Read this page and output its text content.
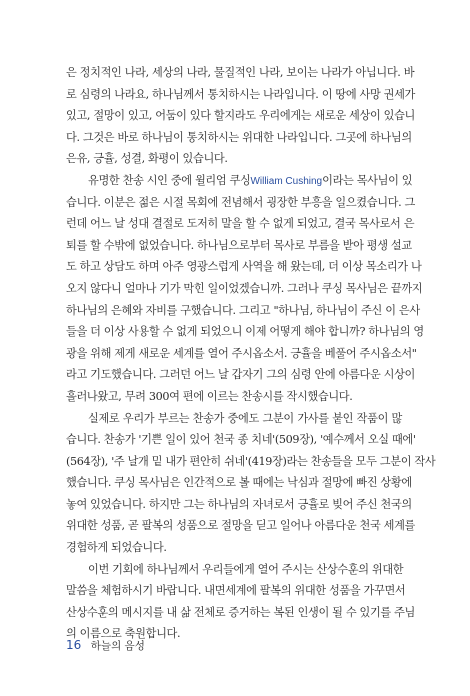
은 정치적인 나라, 세상의 나라, 물질적인 나라, 보이는 나라가 아닙니다. 바
로 심령의 나라요, 하나님께서 통치하시는 나라입니다. 이 땅에 사망 권세가
있고, 절망이 있고, 어둠이 있다 할지라도 우리에게는 새로운 세상이 있습니
다. 그것은 바로 하나님이 통치하시는 위대한 나라입니다. 그곳에 하나님의
은유, 긍휼, 성결, 화평이 있습니다.
유명한 찬송 시인 중에 윌리엄 쿠싱William Cushing이라는 목사님이 있
습니다. 이분은 젊은 시절 목회에 전념해서 굉장한 부흥을 일으켰습니다. 그
런데 어느 날 성대 결절로 도저히 말을 할 수 없게 되었고, 결국 목사로서 은
퇴를 할 수밖에 없었습니다. 하나님으로부터 목사로 부름을 받아 평생 설교
도 하고 상담도 하며 아주 영광스럽게 사역을 해 왔는데, 더 이상 목소리가 나
오지 않다니 얼마나 기가 막힌 일이었겠습니까. 그러나 쿠싱 목사님은 끝까지
하나님의 은혜와 자비를 구했습니다. 그리고 "하나님, 하나님이 주신 이 은사
들을 더 이상 사용할 수 없게 되었으니 이제 어떻게 해야 합니까? 하나님의 영
광을 위해 제게 새로운 세계를 열어 주시옵소서. 긍휼을 베풀어 주시옵소서"
라고 기도했습니다. 그러던 어느 날 갑자기 그의 심령 안에 아름다운 시상이
흘러나왔고, 무려 300여 편에 이르는 찬송시를 작시했습니다.
실제로 우리가 부르는 찬송가 중에도 그분이 가사를 붙인 작품이 많
습니다. 찬송가 '기쁜 일이 있어 천국 종 치네'(509장), '예수께서 오실 때에'
(564장), '주 날개 밑 내가 편안히 쉬네'(419장)라는 찬송들을 모두 그분이 작사
했습니다. 쿠싱 목사님은 인간적으로 볼 때에는 낙심과 절망에 빠진 상황에
놓여 있었습니다. 하지만 그는 하나님의 자녀로서 긍휼로 빚어 주신 천국의
위대한 성품, 곧 팔복의 성품으로 절망을 딛고 일어나 아름다운 천국 세계를
경험하게 되었습니다.
이번 기회에 하나님께서 우리들에게 열어 주시는 산상수훈의 위대한
말씀을 체험하시기 바랍니다. 내면세계에 팔복의 위대한 성품을 가꾸면서
산상수훈의 메시지를 내 삶 전체로 증거하는 복된 인생이 될 수 있기를 주님
의 이름으로 축원합니다.
16 하늘의 음성
